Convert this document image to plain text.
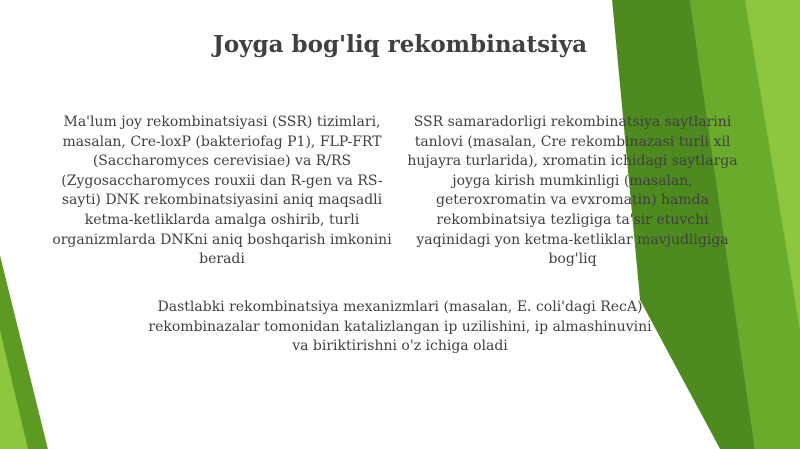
Joyga bog'liq rekombinatsiya

Ma'lum joy rekombinatsiyasi (SSR) tizimlari, masalan, Cre-loxP (bakteriofag P1), FLP-FRT (Saccharomyces cerevisiae) va R/RS (Zygosaccharomyces rouxii dan R-gen va RS-sayti) DNK rekombinatsiyasini aniq maqsadli ketma-ketliklarda amalga oshirib, turli organizmlarda DNKni aniq boshqarish imkonini beradi

SSR samaradorligi rekombinatsiya saytlarini tanlovi (masalan, Cre rekombinazasi turli xil hujayra turlarida), xromatin ichidagi saytlarga joyga kirish mumkinligi (masalan, geteroxromatin va evxromatin) hamda rekombinatsiya tezligiga ta'sir etuvchi yaqinidagi yon ketma-ketliklar mavjudligiga bog'liq

Dastlabki rekombinatsiya mexanizmlari (masalan, E. coli'dagi RecA) rekombinazalar tomonidan katalizlangan ip uzilishini, ip almashinuvini va biriktirishni o'z ichiga oladi
